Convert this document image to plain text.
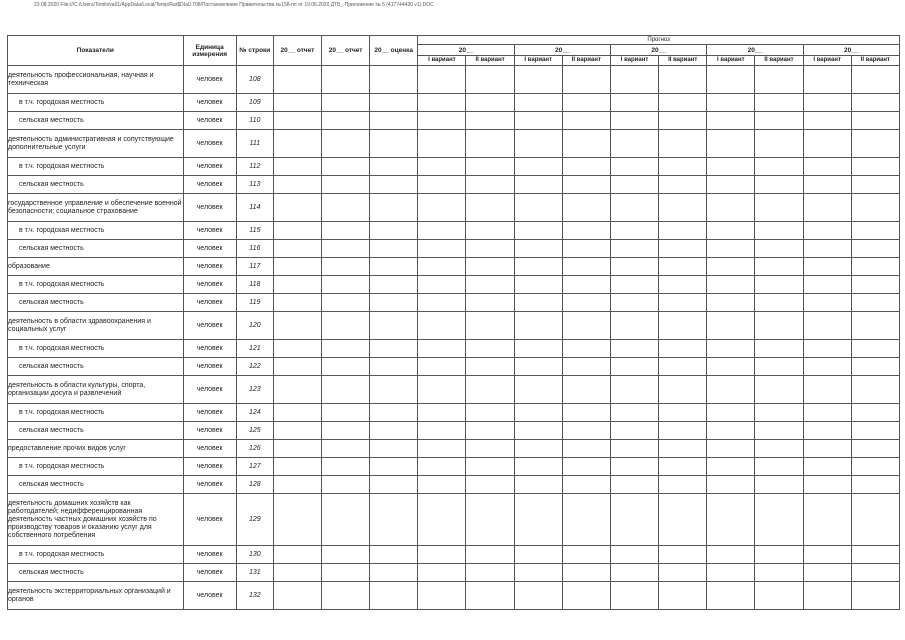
23.08.2020 File:///C:/Users/Tomilova01/AppData/Local/Temp/Rar$DIa0.708/Постановление Правительства №158-пп от 19.06.2020 ДТБ_ Приложение № 5 (417744430 v1).DOC
Показатели	Единица измерения	№ строки	20__ отчет	20__ отчет	20__ оценка	Прогноз									
						20__		20__		20__		20__		20__	
						I вариант	II вариант	I вариант	II вариант	I вариант	II вариант	I вариант	II вариант	I вариант	II вариант
деятельность профессиональная, научная и техническая	человек	108													
в т.ч. городская местность	человек	109													
сельская местность	человек	110													
деятельность административная и сопутствующие дополнительные услуги	человек	111													
в т.ч. городская местность	человек	112													
сельская местность	человек	113													
государственное управление и обеспечение военной безопасности; социальное страхование	человек	114													
в т.ч. городская местность	человек	115													
сельская местность	человек	116													
образование	человек	117													
в т.ч. городская местность	человек	118													
сельская местность	человек	119													
деятельность в области здравоохранения и социальных услуг	человек	120													
в т.ч. городская местность	человек	121													
сельская местность	человек	122													
деятельность в области культуры, спорта, организации досуга и развлечений	человек	123													
в т.ч. городская местность	человек	124													
сельская местность	человек	125													
предоставление прочих видов услуг	человек	126													
в т.ч. городская местность	человек	127													
сельская местность	человек	128													
деятельность домашних хозяйств как работодателей; недифференцированная деятельность частных домашних хозяйств по производству товаров и оказанию услуг для собственного потребления	человек	129													
в т.ч. городская местность	человек	130													
сельская местность	человек	131													
деятельность экстерриториальных организаций и органов	человек	132													
